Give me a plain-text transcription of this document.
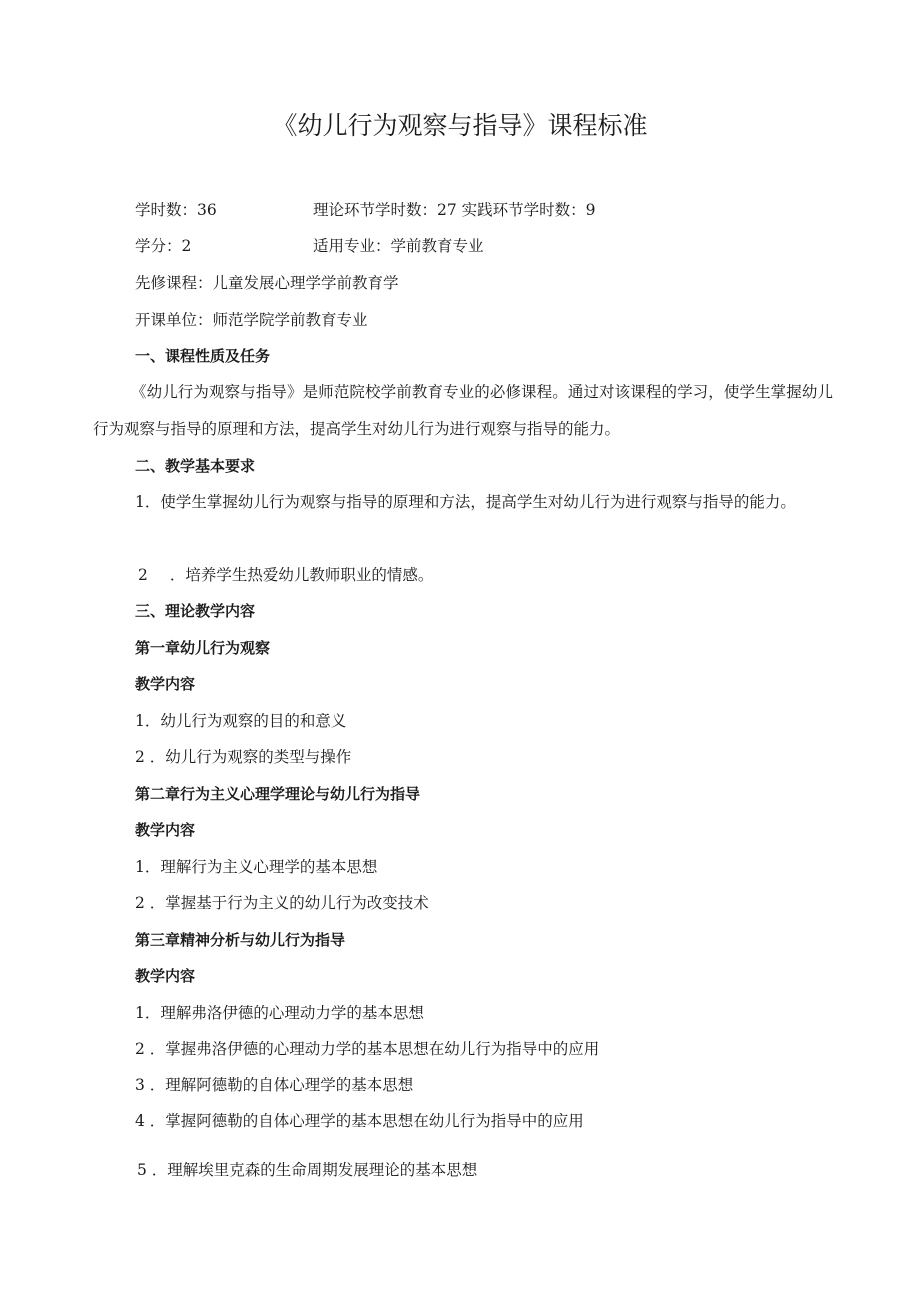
《幼儿行为观察与指导》课程标准
学时数：36	理论环节学时数：27 实践环节学时数：9
学分：2	适用专业：学前教育专业
先修课程：儿童发展心理学学前教育学
开课单位：师范学院学前教育专业
一、课程性质及任务

《幼儿行为观察与指导》是师范院校学前教育专业的必修课程。通过对该课程的学习，使学生掌握幼儿行为观察与指导的原理和方法，提高学生对幼儿行为进行观察与指导的能力。

二、教学基本要求

1．使学生掌握幼儿行为观察与指导的原理和方法，提高学生对幼儿行为进行观察与指导的能力。

2 ．培养学生热爱幼儿教师职业的情感。
三、理论教学内容
第一章幼儿行为观察
教学内容
1．幼儿行为观察的目的和意义
2 ．幼儿行为观察的类型与操作
第二章行为主义心理学理论与幼儿行为指导
教学内容
1．理解行为主义心理学的基本思想
2 ．掌握基于行为主义的幼儿行为改变技术
第三章精神分析与幼儿行为指导
教学内容
1．理解弗洛伊德的心理动力学的基本思想
2 ．掌握弗洛伊德的心理动力学的基本思想在幼儿行为指导中的应用
3 ．理解阿德勒的自体心理学的基本思想
4 ．掌握阿德勒的自体心理学的基本思想在幼儿行为指导中的应用
5 ．理解埃里克森的生命周期发展理论的基本思想
